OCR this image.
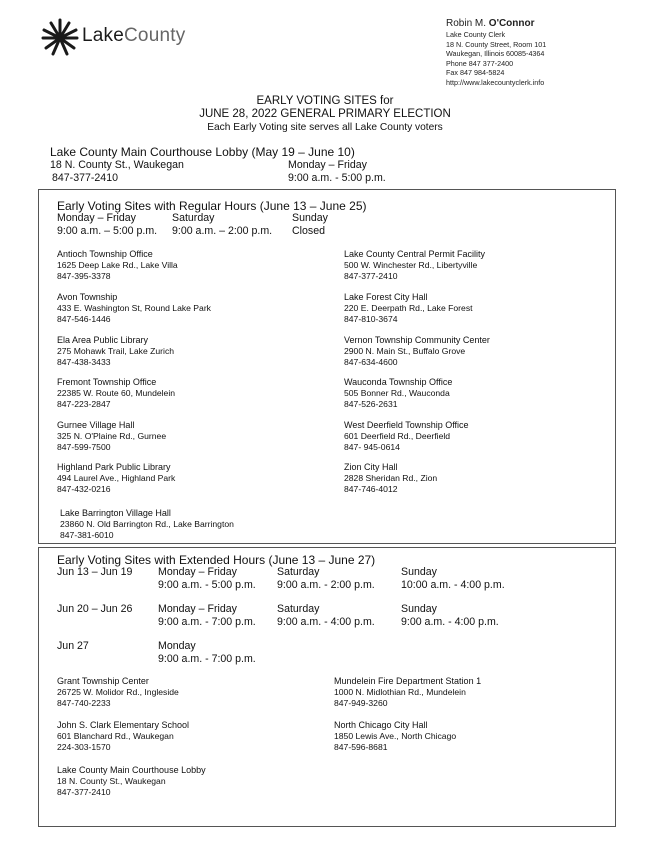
LakeCounty
Robin M. O'Connor
Lake County Clerk
18 N. County Street, Room 101
Waukegan, Illinois 60085-4364
Phone 847 377-2400
Fax 847 984-5824
http://www.lakecountyclerk.info
EARLY VOTING SITES for
JUNE 28, 2022 GENERAL PRIMARY ELECTION
Each Early Voting site serves all Lake County voters
Lake County Main Courthouse Lobby (May 19 – June 10)
18 N. County St., Waukegan
847-377-2410
Monday – Friday
9:00 a.m. - 5:00 p.m.
Early Voting Sites with Regular Hours (June 13 – June 25)
Monday – Friday
9:00 a.m. – 5:00 p.m.
Saturday
9:00 a.m. – 2:00 p.m.
Sunday
Closed
Antioch Township Office
1625 Deep Lake Rd., Lake Villa
847-395-3378
Lake County Central Permit Facility
500 W. Winchester Rd., Libertyville
847-377-2410
Avon Township
433 E. Washington St, Round Lake Park
847-546-1446
Lake Forest City Hall
220 E. Deerpath Rd., Lake Forest
847-810-3674
Ela Area Public Library
275 Mohawk Trail, Lake Zurich
847-438-3433
Vernon Township Community Center
2900 N. Main St., Buffalo Grove
847-634-4600
Fremont Township Office
22385 W. Route 60, Mundelein
847-223-2847
Wauconda Township Office
505 Bonner Rd., Wauconda
847-526-2631
Gurnee Village Hall
325 N. O'Plaine Rd., Gurnee
847-599-7500
West Deerfield Township Office
601 Deerfield Rd., Deerfield
847- 945-0614
Highland Park Public Library
494 Laurel Ave., Highland Park
847-432-0216
Zion City Hall
2828 Sheridan Rd., Zion
847-746-4012
Lake Barrington Village Hall
23860 N. Old Barrington Rd., Lake Barrington
847-381-6010
Early Voting Sites with Extended Hours (June 13 – June 27)
Jun 13 – Jun 19 Monday – Friday
9:00 a.m. - 5:00 p.m.
Saturday
9:00 a.m. - 2:00 p.m.
Sunday
10:00 a.m. - 4:00 p.m.
Jun 20 – Jun 26 Monday – Friday
9:00 a.m. - 7:00 p.m.
Saturday
9:00 a.m. - 4:00 p.m.
Sunday
9:00 a.m. - 4:00 p.m.
Jun 27	Monday
9:00 a.m. - 7:00 p.m.
Grant Township Center
26725 W. Molidor Rd., Ingleside
847-740-2233
Mundelein Fire Department Station 1
1000 N. Midlothian Rd., Mundelein
847-949-3260
John S. Clark Elementary School
601 Blanchard Rd., Waukegan
224-303-1570
North Chicago City Hall
1850 Lewis Ave., North Chicago
847-596-8681
Lake County Main Courthouse Lobby
18 N. County St., Waukegan
847-377-2410
